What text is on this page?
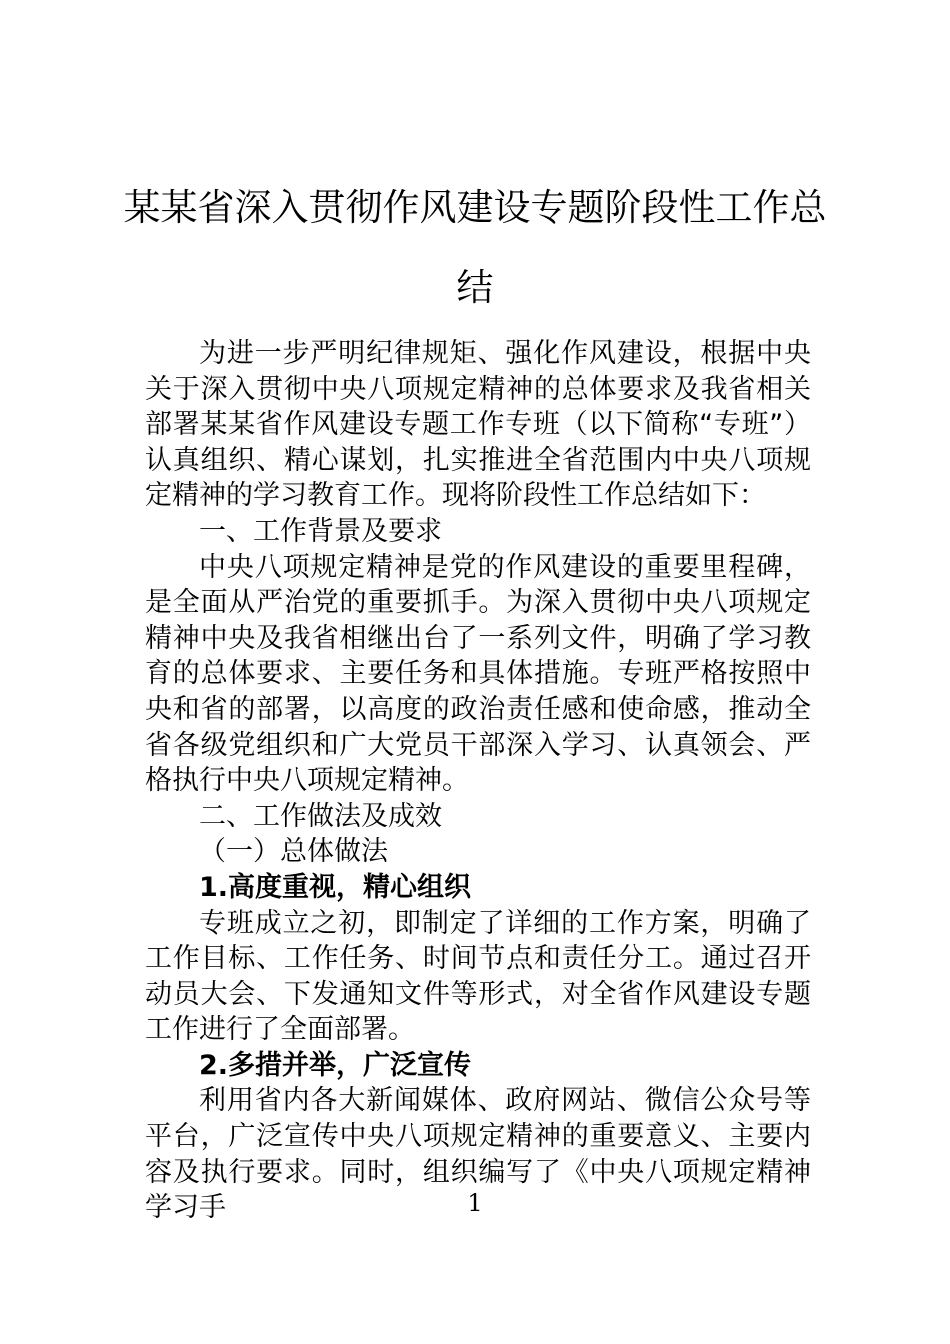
某某省深入贯彻作风建设专题阶段性工作总结

为进一步严明纪律规矩、强化作风建设，根据中央关于深入贯彻中央八项规定精神的总体要求及我省相关部署某某省作风建设专题工作专班（以下简称“专班”）认真组织、精心谋划，扎实推进全省范围内中央八项规定精神的学习教育工作。现将阶段性工作总结如下：

一、工作背景及要求

中央八项规定精神是党的作风建设的重要里程碑，是全面从严治党的重要抓手。为深入贯彻中央八项规定精神中央及我省相继出台了一系列文件，明确了学习教育的总体要求、主要任务和具体措施。专班严格按照中央和省的部署，以高度的政治责任感和使命感，推动全省各级党组织和广大党员干部深入学习、认真领会、严格执行中央八项规定精神。

二、工作做法及成效

（一）总体做法

1.高度重视，精心组织

专班成立之初，即制定了详细的工作方案，明确了工作目标、工作任务、时间节点和责任分工。通过召开动员大会、下发通知文件等形式，对全省作风建设专题工作进行了全面部署。

2.多措并举，广泛宣传

利用省内各大新闻媒体、政府网站、微信公众号等平台，广泛宣传中央八项规定精神的重要意义、主要内容及执行要求。同时，组织编写了《中央八项规定精神学习手	1
